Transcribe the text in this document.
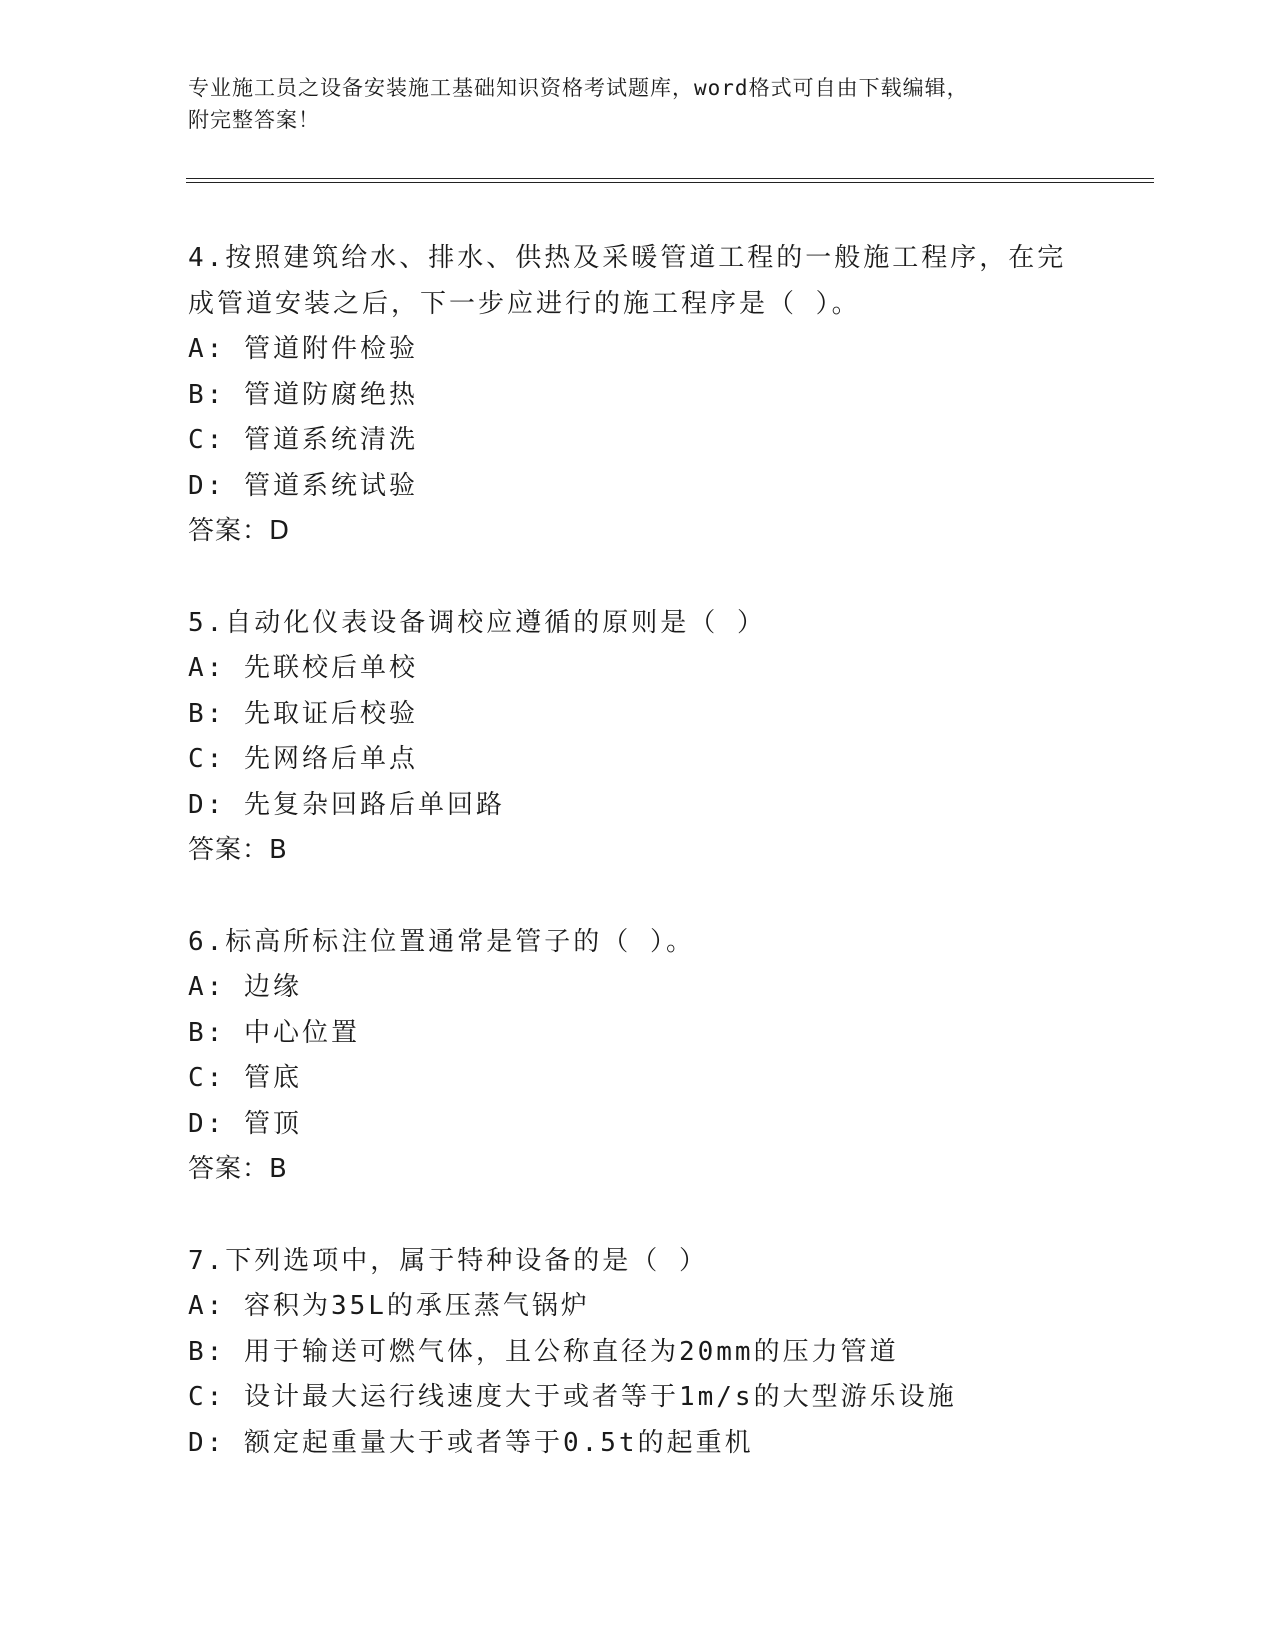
专业施工员之设备安装施工基础知识资格考试题库，word格式可自由下载编辑，
附完整答案！
4.按照建筑给水、排水、供热及采暖管道工程的一般施工程序，在完
成管道安装之后，下一步应进行的施工程序是（ ）。
A: 管道附件检验
B: 管道防腐绝热
C: 管道系统清洗
D: 管道系统试验
答案：D
5.自动化仪表设备调校应遵循的原则是（ ）
A: 先联校后单校
B: 先取证后校验
C: 先网络后单点
D: 先复杂回路后单回路
答案：B
6.标高所标注位置通常是管子的（ ）。
A: 边缘
B: 中心位置
C: 管底
D: 管顶
答案：B
7.下列选项中，属于特种设备的是（ ）
A: 容积为35L的承压蒸气锅炉
B: 用于输送可燃气体，且公称直径为20mm的压力管道
C: 设计最大运行线速度大于或者等于1m/s的大型游乐设施
D: 额定起重量大于或者等于0.5t的起重机
